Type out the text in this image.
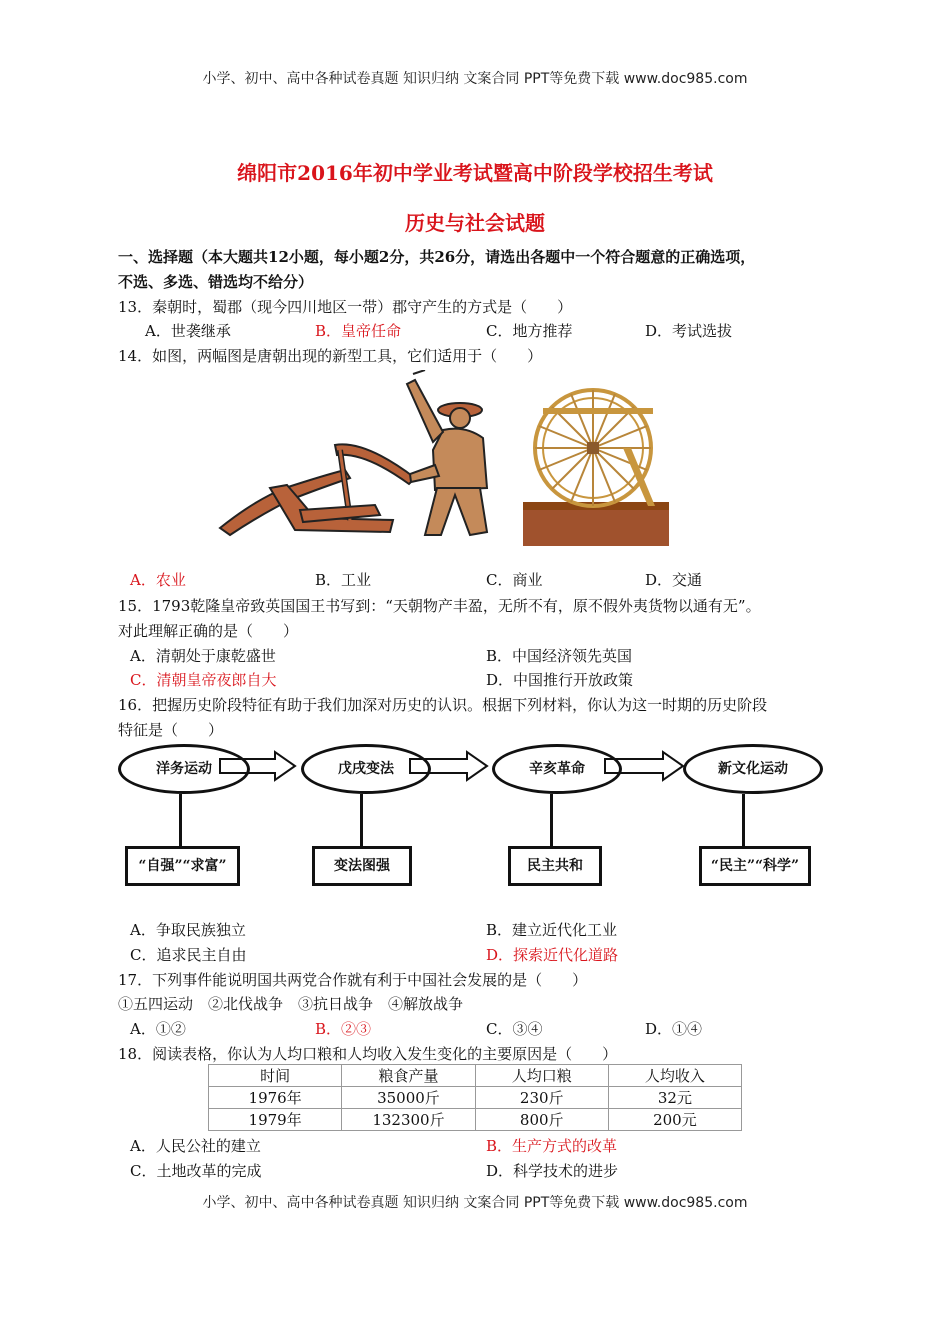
小学、初中、高中各种试卷真题 知识归纳 文案合同 PPT等免费下载 www.doc985.com
小学、初中、高中各种试卷真题 知识归纳 文案合同 PPT等免费下载 www.doc985.com
绵阳市2016年初中学业考试暨高中阶段学校招生考试
历史与社会试题
一、选择题（本大题共12小题，每小题2分，共26分，请选出各题中一个符合题意的正确选项，
不选、多选、错选均不给分）
13．秦朝时，蜀郡（现今四川地区一带）郡守产生的方式是（　　）
A．世袭继承	B．皇帝任命	C．地方推荐	D．考试选拔
14．如图，两幅图是唐朝出现的新型工具，它们适用于（　　）
A．农业	B．工业	C．商业	D．交通
15．1793乾隆皇帝致英国国王书写到：“天朝物产丰盈，无所不有，原不假外夷货物以通有无”。
对此理解正确的是（　　）
A．清朝处于康乾盛世	B．中国经济领先英国
C．清朝皇帝夜郎自大	D．中国推行开放政策
16．把握历史阶段特征有助于我们加深对历史的认识。根据下列材料，你认为这一时期的历史阶段
特征是（　　）
洋务运动	戊戌变法	辛亥革命	新文化运动
“自强”“求富”	变法图强	民主共和	“民主”“科学”
A．争取民族独立	B．建立近代化工业
C．追求民主自由	D．探索近代化道路
17．下列事件能说明国共两党合作就有利于中国社会发展的是（　　）
①五四运动　②北伐战争　③抗日战争　④解放战争
A．①②	B．②③	C．③④	D．①④
18．阅读表格，你认为人均口粮和人均收入发生变化的主要原因是（　　）
时间	粮食产量	人均口粮	人均收入
1976年	35000斤	230斤	32元
1979年	132300斤	800斤	200元
A．人民公社的建立	B．生产方式的改革
C．土地改革的完成	D．科学技术的进步
